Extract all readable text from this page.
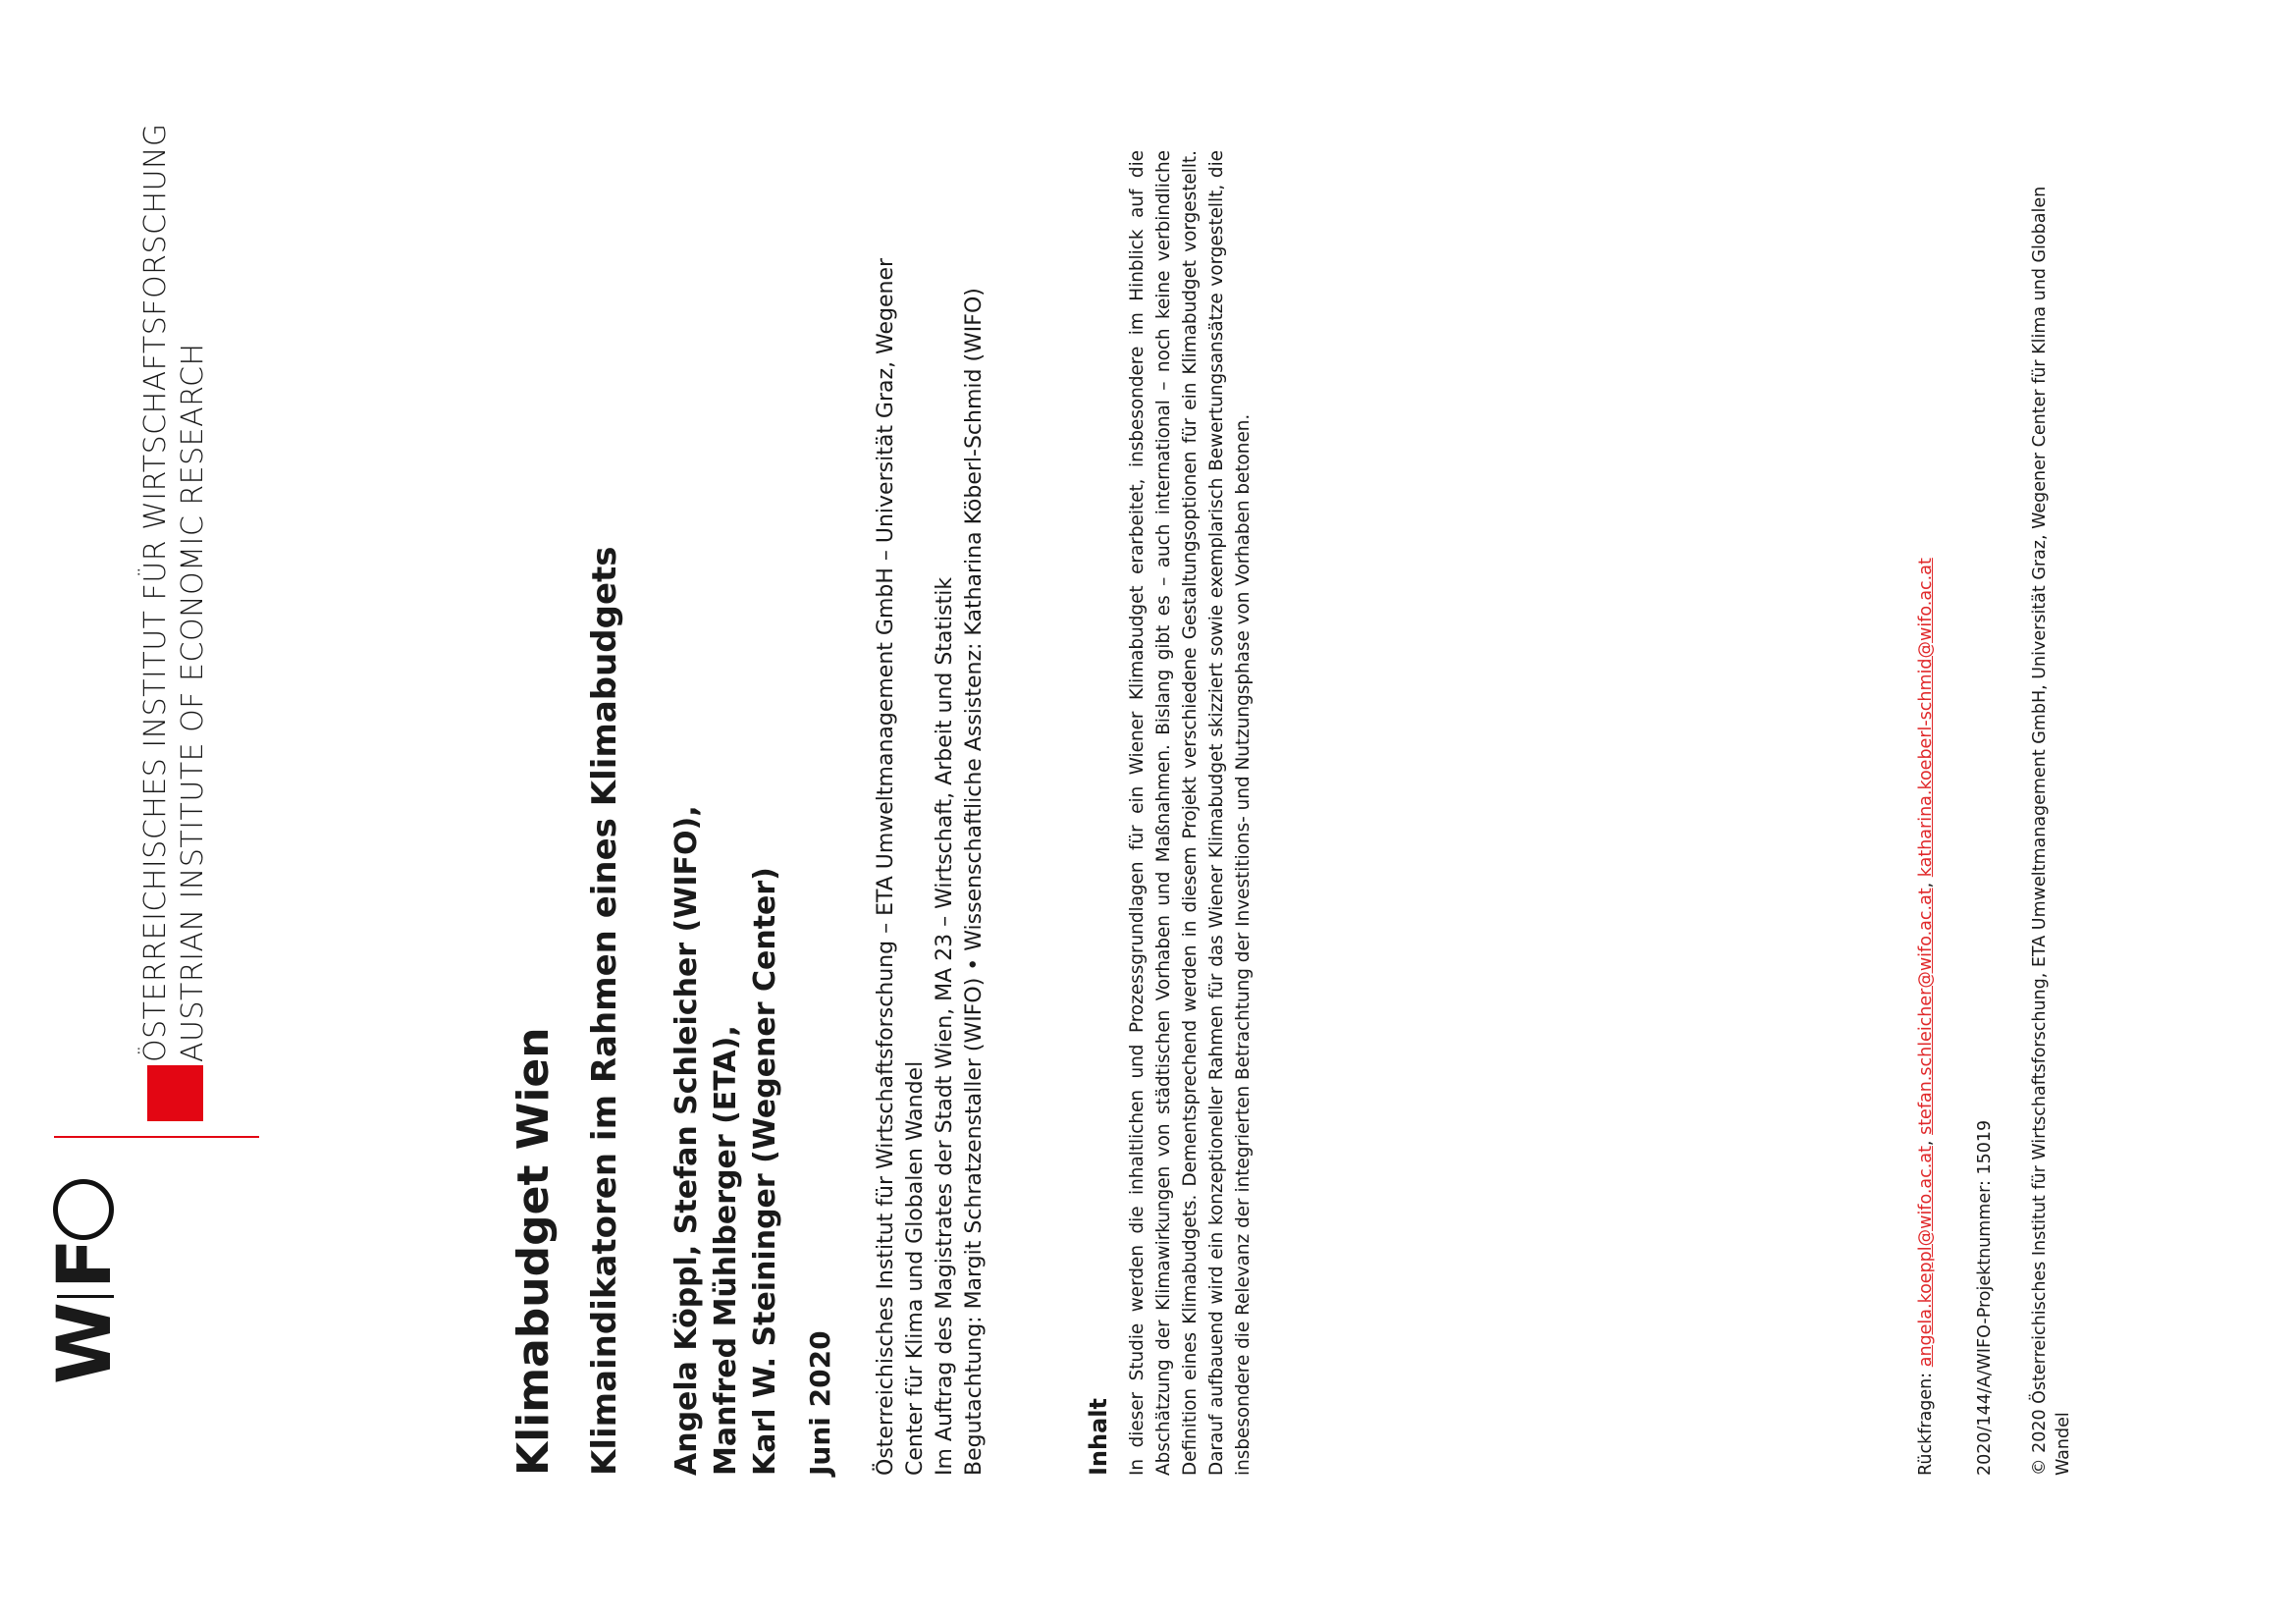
WF
ÖSTERREICHISCHES INSTITUT FÜR WIRTSCHAFTSFORSCHUNG AUSTRIAN INSTITUTE OF ECONOMIC RESEARCH
Klimabudget Wien Klimaindikatoren im Rahmen eines Klimabudgets Angela Köppl, Stefan Schleicher (WIFO), Manfred Mühlberger (ETA), Karl W. Steininger (Wegener Center) Juni 2020 Österreichisches Institut für Wirtschaftsforschung – ETA Umweltmanagement GmbH – Universität Graz, Wegener Center für Klima und Globalen Wandel Im Auftrag des Magistrates der Stadt Wien, MA 23 – Wirtschaft, Arbeit und Statistik Begutachtung: Margit Schratzenstaller (WIFO) • Wissenschaftliche Assistenz: Katharina Köberl-Schmid (WIFO)	Inhalt In dieser Studie werden die inhaltlichen und Prozessgrundlagen für ein Wiener Klimabudget erarbeitet, insbesondere im Hinblick auf die Abschätzung der Klimawirkungen von städtischen Vorhaben und Maßnahmen. Bislang gibt es – auch international – noch keine verbindliche Definition eines Klimabudgets. Dementsprechend werden in diesem Projekt verschiedene Gestaltungsoptionen für ein Klimabudget vorgestellt. Darauf aufbauend wird ein konzeptioneller Rahmen für das Wiener Klimabudget skizziert sowie exemplarisch Bewertungsansätze vorgestellt, die insbesondere die Relevanz der integrierten Betrachtung der Investitions- und Nutzungsphase von Vorhaben betonen.	Rückfragen: angela.koeppl@wifo.ac.at, stefan.schleicher@wifo.ac.at, katharina.koeberl-schmid@wifo.ac.at
2020/144/A/WIFO-Projektnummer: 15019 © 2020 Österreichisches Institut für Wirtschaftsforschung, ETA Umweltmanagement GmbH, Universität Graz, Wegener Center für Klima und Globalen Wandel
